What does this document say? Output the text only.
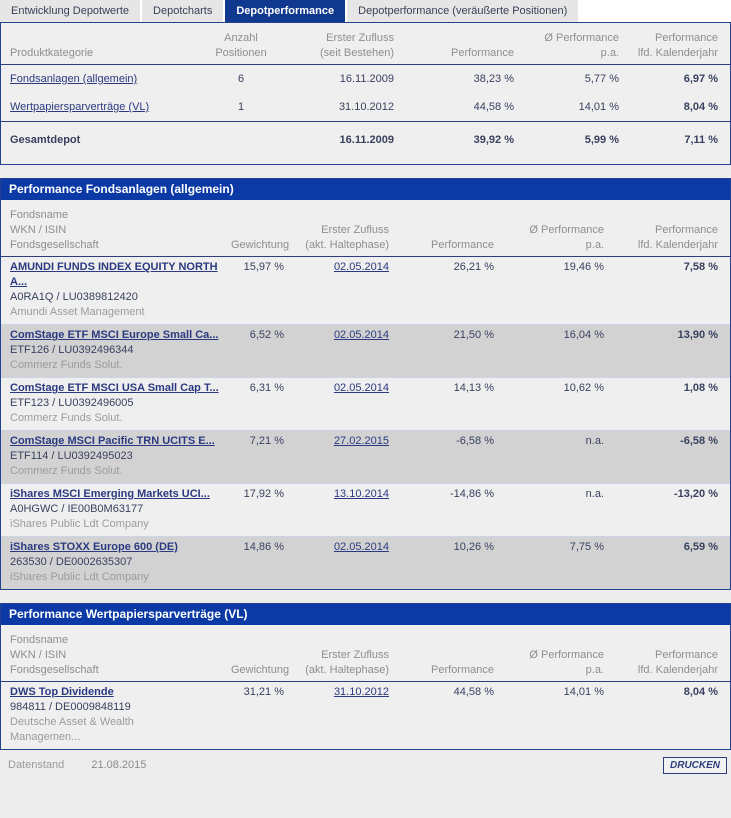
Entwicklung Depotwerte Depotcharts Depotperformance Depotperformance (veräußerte Positionen)
Produktkategorie	
Anzahl
Positionen

Erster Zufluss
(seit Bestehen)	Performance	
Ø Performance
p.a.

Performance
lfd. Kalenderjahr

Fondsanlagen (allgemein)	6	16.11.2009	38,23 %	5,77 %	6,97 %
Wertpapiersparverträge (VL)	1	31.10.2012	44,58 %	14,01 %	8,04 %
Gesamtdepot		16.11.2009	39,92 %	5,99 %	7,11 %
Performance Fondsanlagen (allgemein)
Fondsname
WKN / ISIN
Fondsgesellschaft	Gewichtung	
Erster Zufluss
(akt. Haltephase)	Performance	
Ø Performance
p.a.

Performance
lfd. Kalenderjahr

AMUNDI FUNDS INDEX EQUITY NORTH A...
A0RA1Q / LU0389812420
Amundi Asset Management	15,97 %	02.05.2014	26,21 %	19,46 %	7,58 %

ComStage ETF MSCI Europe Small Ca...
ETF126 / LU0392496344
Commerz Funds Solut.	6,52 %	02.05.2014	21,50 %	16,04 %	13,90 %

ComStage ETF MSCI USA Small Cap T...
ETF123 / LU0392496005
Commerz Funds Solut.	6,31 %	02.05.2014	14,13 %	10,62 %	1,08 %

ComStage MSCI Pacific TRN UCITS E...
ETF114 / LU0392495023
Commerz Funds Solut.	7,21 %	27.02.2015	-6,58 %	n.a.	-6,58 %

iShares MSCI Emerging Markets UCI...
A0HGWC / IE00B0M63177
iShares Public Ldt Company	17,92 %	13.10.2014	-14,86 %	n.a.	-13,20 %

iShares STOXX Europe 600 (DE)
263530 / DE0002635307
iShares Public Ldt Company	14,86 %	02.05.2014	10,26 %	7,75 %	6,59 %
Performance Wertpapiersparverträge (VL)
Fondsname
WKN / ISIN
Fondsgesellschaft	Gewichtung	
Erster Zufluss
(akt. Haltephase)	Performance	
Ø Performance
p.a.

Performance
lfd. Kalenderjahr

DWS Top Dividende
984811 / DE0009848119
Deutsche Asset & Wealth Managemen...	31,21 %	31.10.2012	44,58 %	14,01 %	8,04 %
Datenstand 21.08.2015	DRUCKEN
